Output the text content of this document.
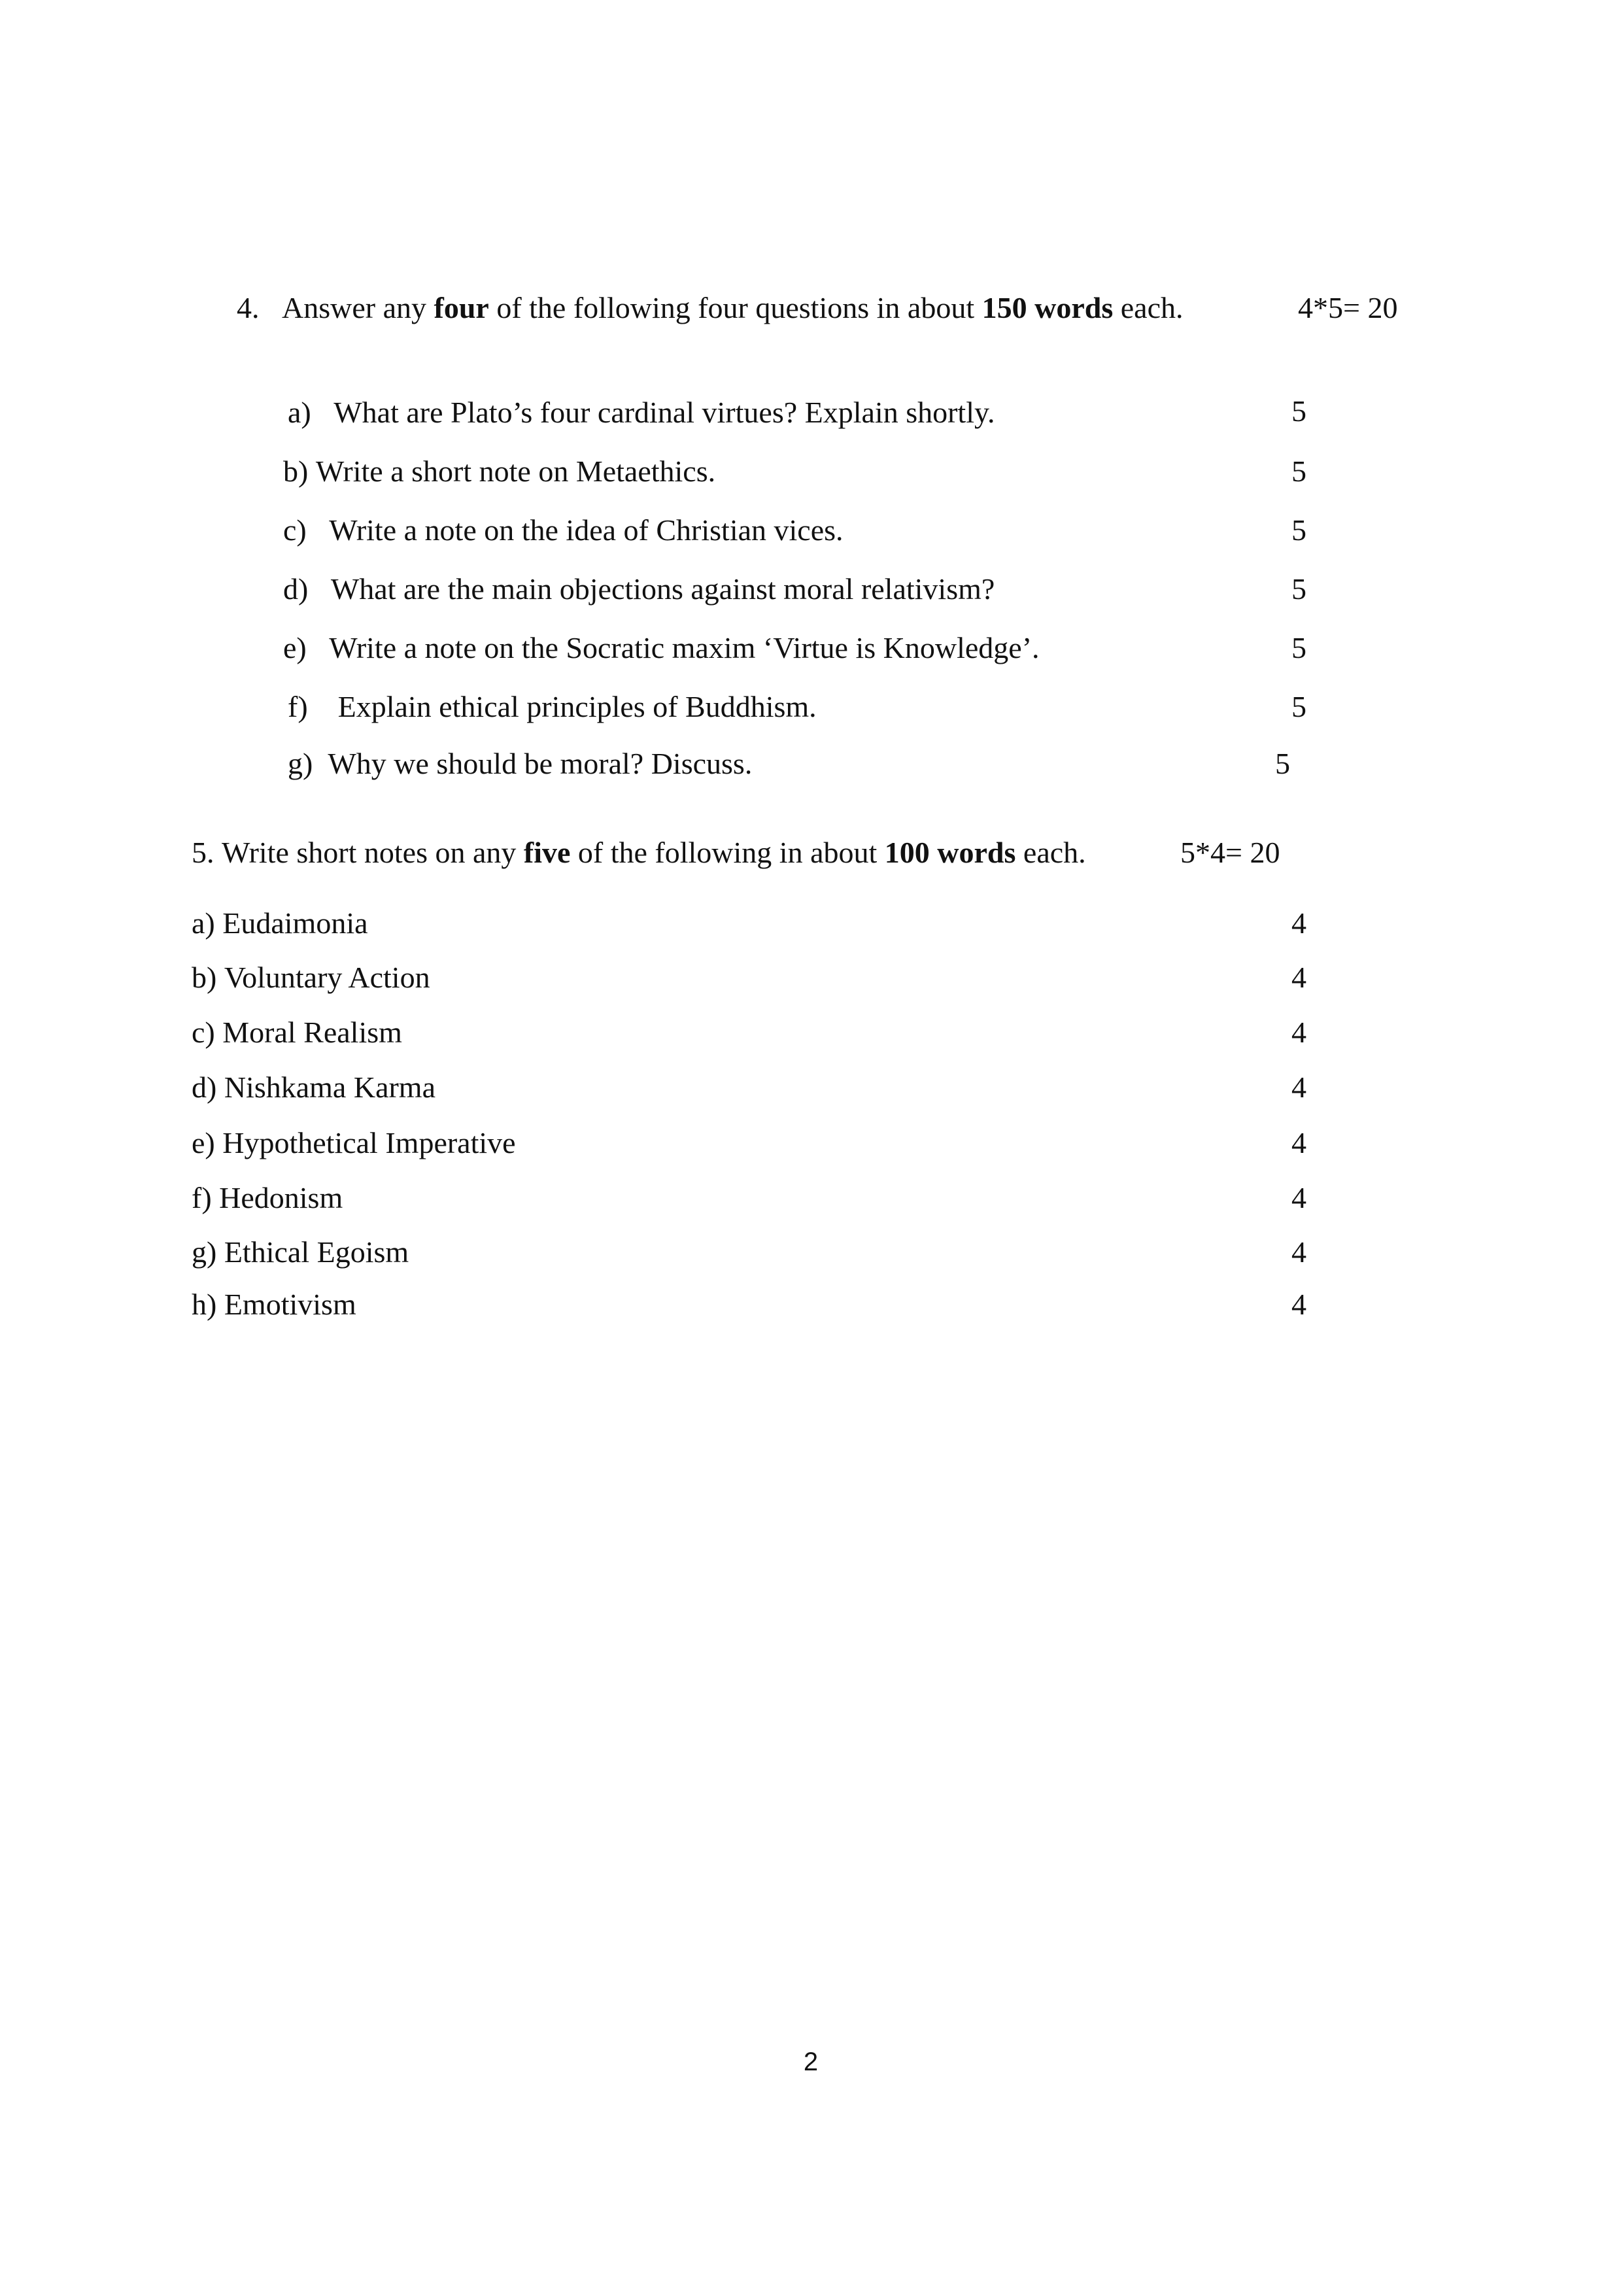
4. Answer any four of the following four questions in about 150 words each.	4*5= 20
a) What are Plato’s four cardinal virtues? Explain shortly.	5
b) Write a short note on Metaethics.	5
c) Write a note on the idea of Christian vices.	5
d) What are the main objections against moral relativism?	5
e) Write a note on the Socratic maxim ‘Virtue is Knowledge’.	5
f) Explain ethical principles of Buddhism.	5
g) Why we should be moral? Discuss.	5
5. Write short notes on any five of the following in about 100 words each.	5*4= 20
a) Eudaimonia	4
b) Voluntary Action	4
c) Moral Realism	4
d) Nishkama Karma	4
e) Hypothetical Imperative	4
f) Hedonism	4
g) Ethical Egoism	4
h) Emotivism	4
2
